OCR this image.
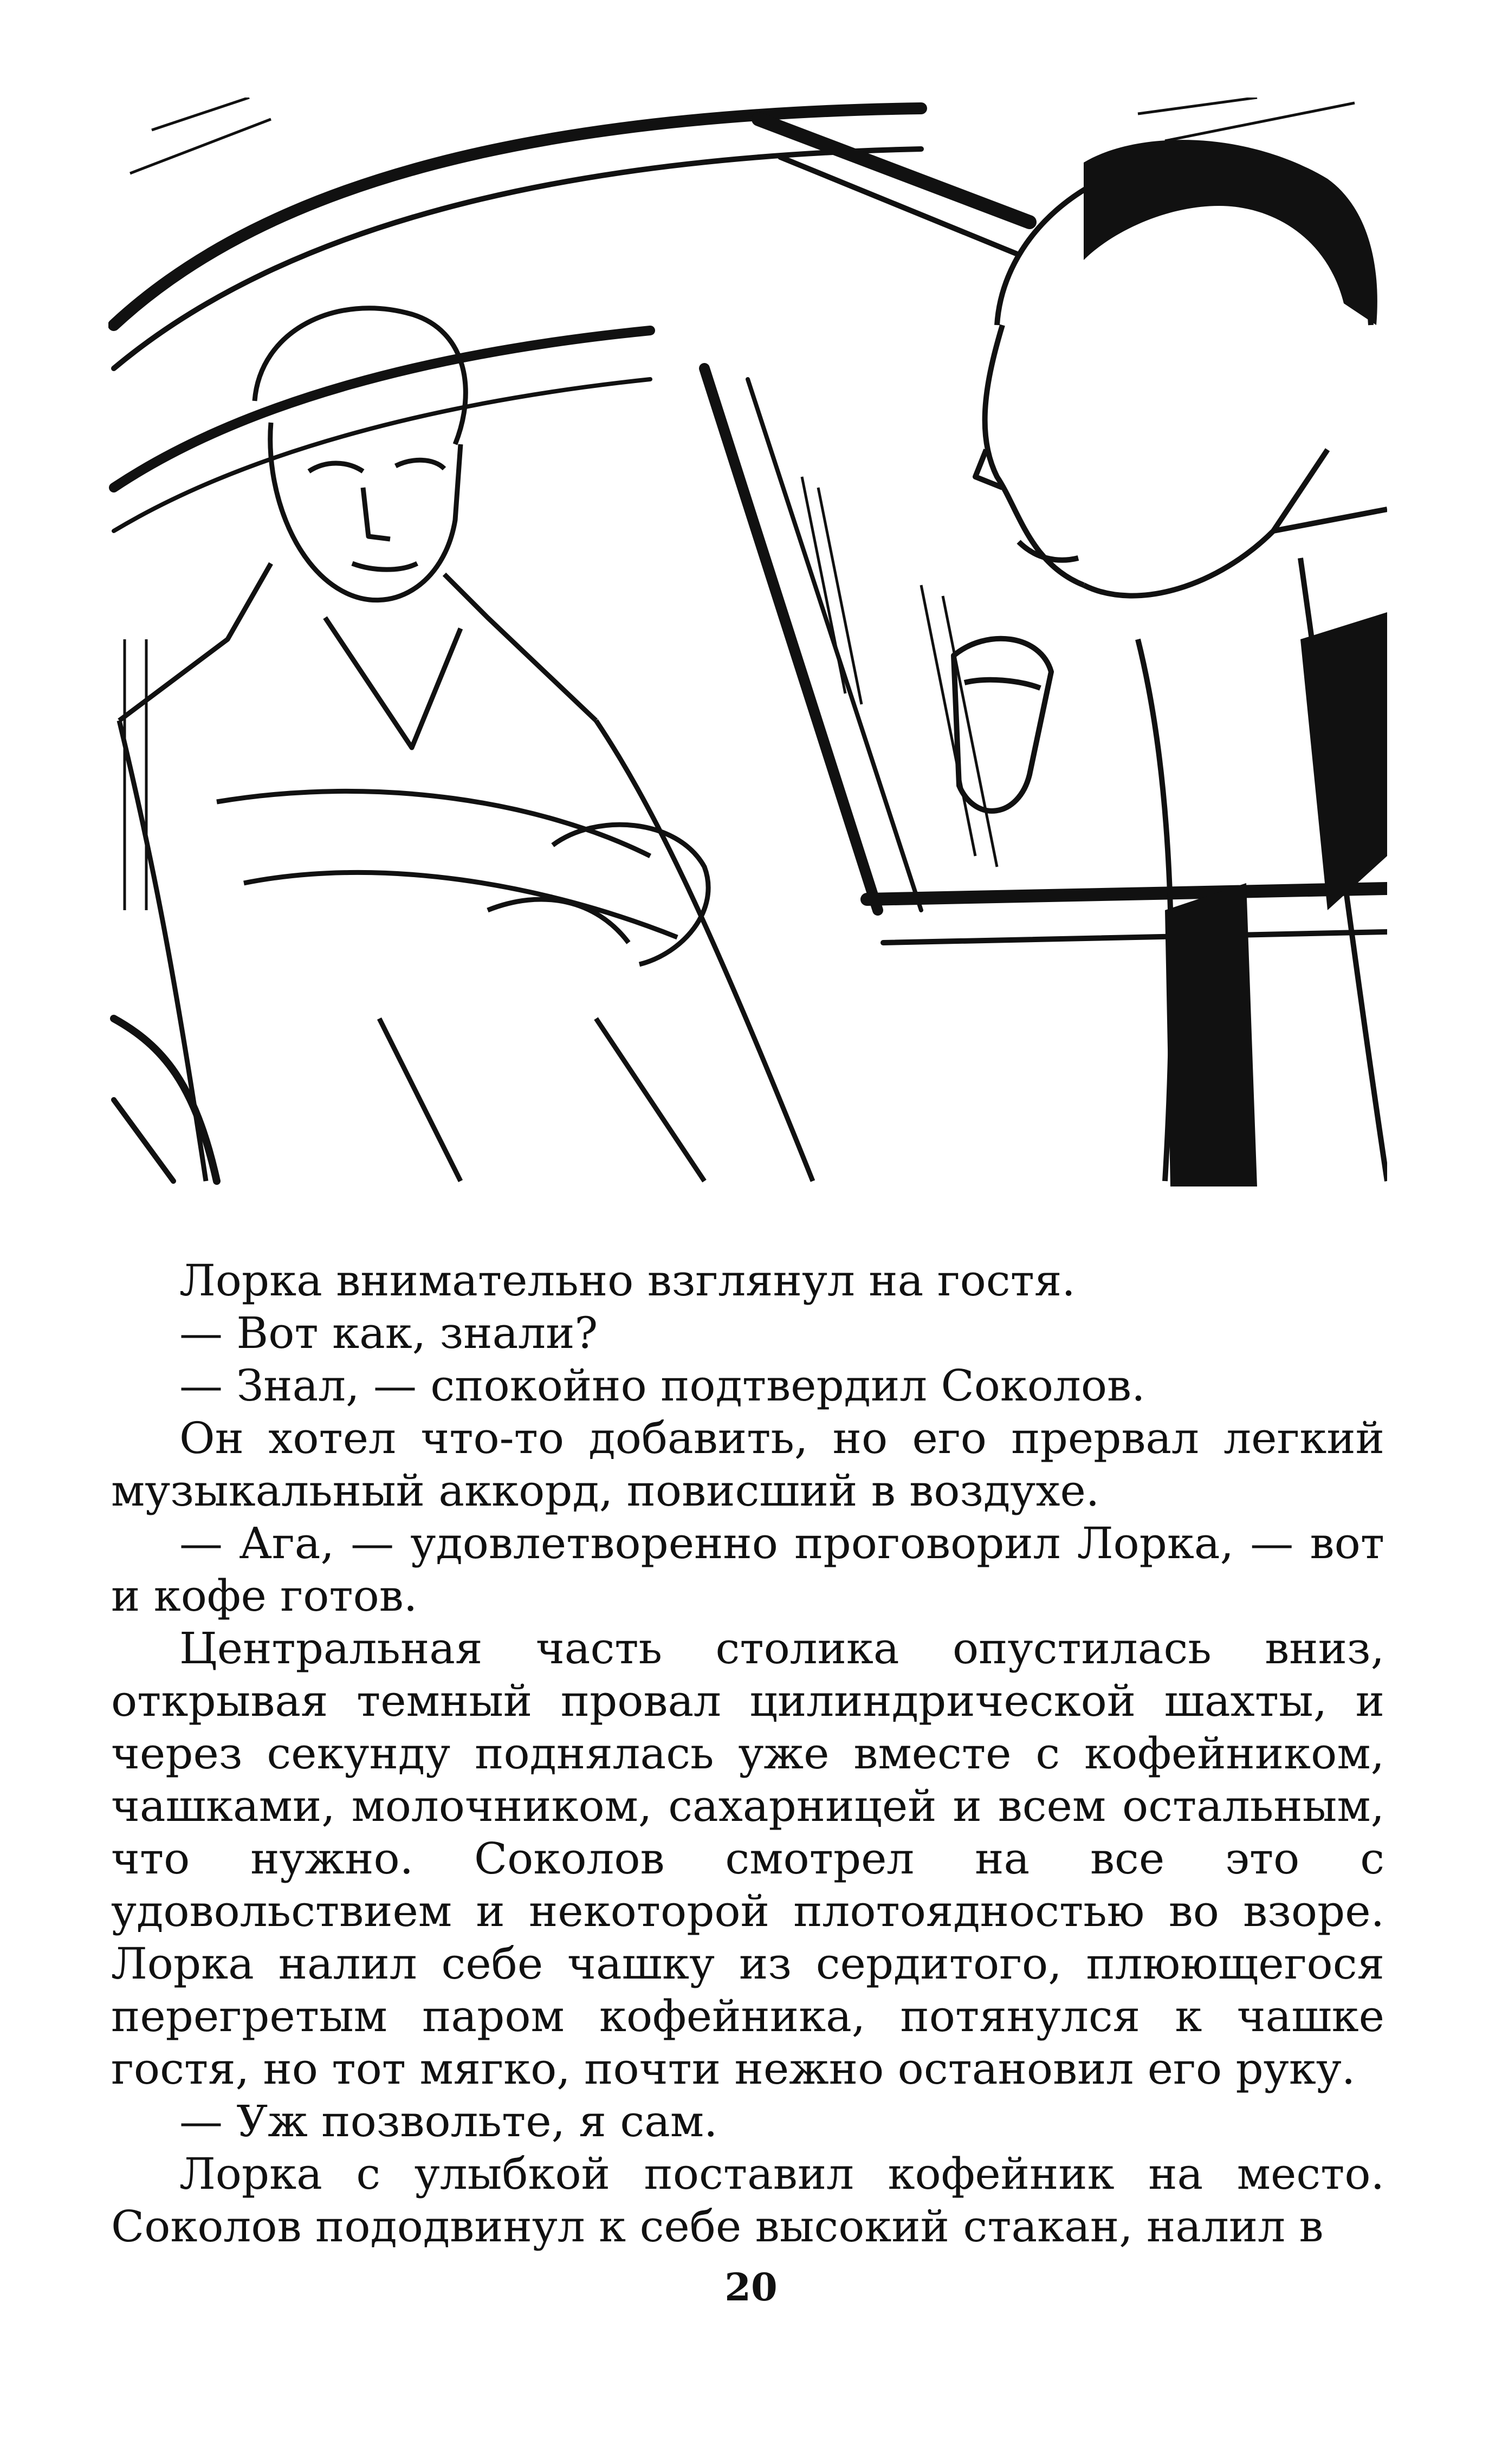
Лорка внимательно взглянул на гостя.

— Вот как, знали?

— Знал, — спокойно подтвердил Соколов.

Он хотел что-то добавить, но его прервал легкий музыкальный аккорд, повисший в воздухе.

— Ага, — удовлетворенно проговорил Лорка, — вот и кофе готов.

Центральная часть столика опустилась вниз, открывая темный провал цилиндрической шахты, и через секунду поднялась уже вместе с кофейником, чашками, молочником, сахарницей и всем остальным, что нужно. Соколов смотрел на все это с удовольствием и некоторой плотоядностью во взоре. Лорка налил себе чашку из сердитого, плюющегося перегретым паром кофейника, потянулся к чашке гостя, но тот мягко, почти нежно остановил его руку.

— Уж позвольте, я сам.

Лорка с улыбкой поставил кофейник на место. Соколов пододвинул к себе высокий стакан, налил в

20
